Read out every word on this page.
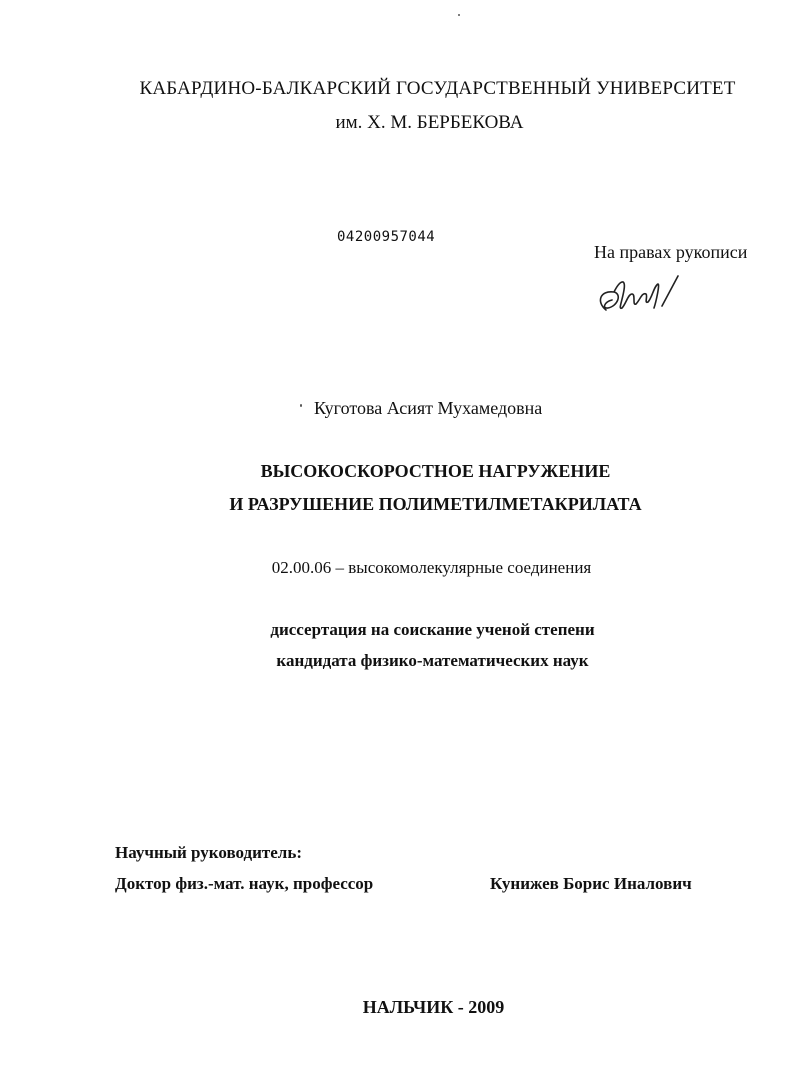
КАБАРДИНО-БАЛКАРСКИЙ ГОСУДАРСТВЕННЫЙ УНИВЕРСИТЕТ

им. Х. М. БЕРБЕКОВА

04200957044

На правах рукописи

Куготова Асият Мухамедовна

ВЫСОКОСКОРОСТНОЕ НАГРУЖЕНИЕ

И РАЗРУШЕНИЕ ПОЛИМЕТИЛМЕТАКРИЛАТА

02.00.06 – высокомолекулярные соединения

диссертация на соискание ученой степени

кандидата физико-математических наук

Научный руководитель:

Доктор физ.-мат. наук, профессор	Кунижев Борис Иналович

НАЛЬЧИК - 2009
